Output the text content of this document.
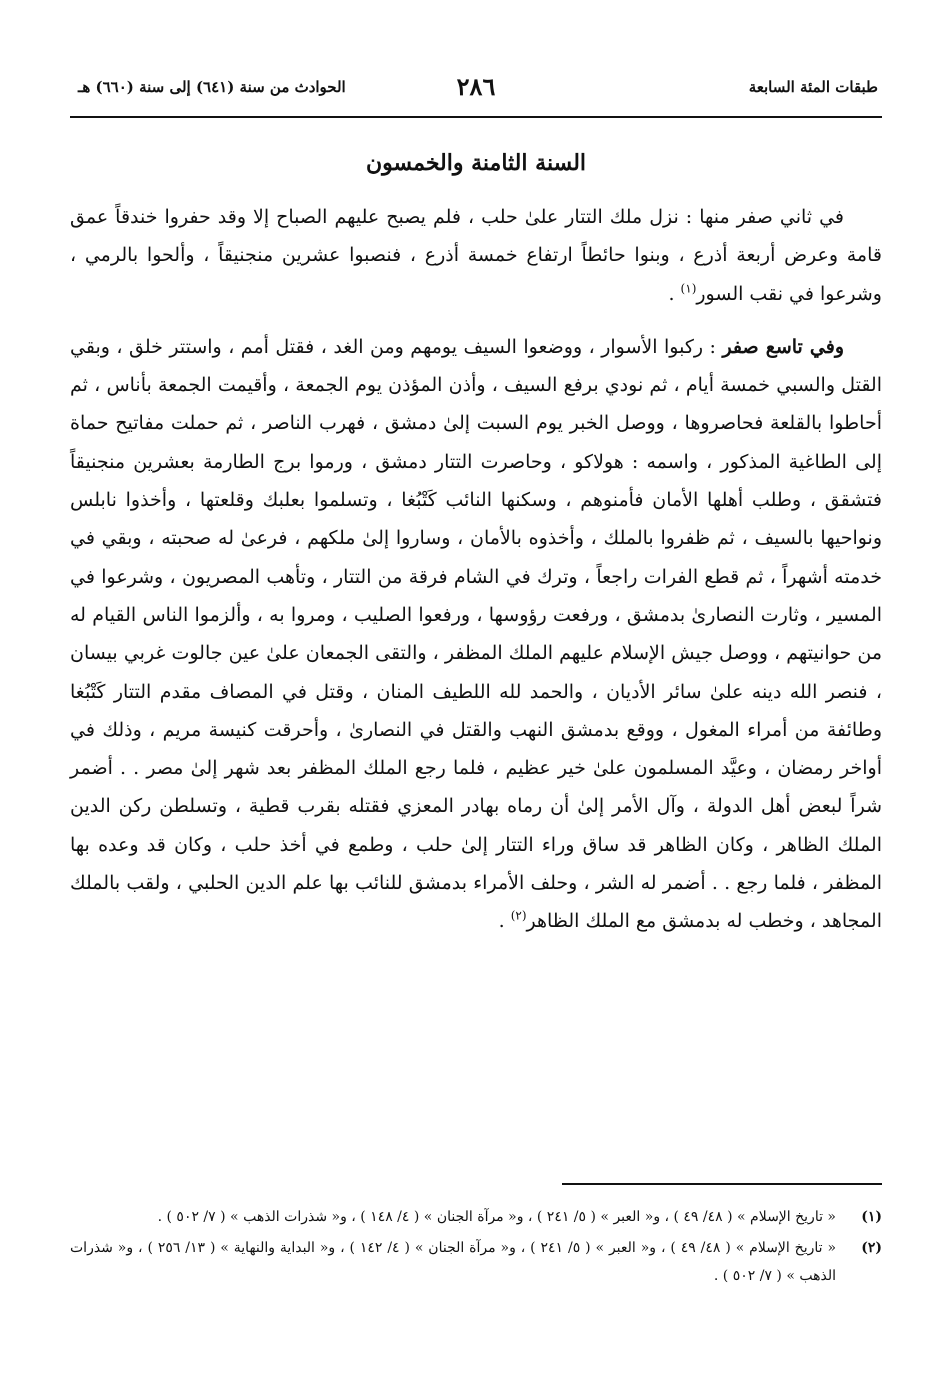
طبقات المئة السابعة
٢٨٦
الحوادث من سنة (٦٤١) إلى سنة (٦٦٠) هـ
السنة الثامنة والخمسون

في ثاني صفر منها : نزل ملك التتار علىٰ حلب ، فلم يصبح عليهم الصباح إلا وقد حفروا خندقاً عمق قامة وعرض أربعة أذرع ، وبنوا حائطاً ارتفاع خمسة أذرع ، فنصبوا عشرين منجنيقاً ، وألحوا بالرمي ، وشرعوا في نقب السور$^{(١)}$ .

وفي تاسع صفر : ركبوا الأسوار ، ووضعوا السيف يومهم ومن الغد ، فقتل أمم ، واستتر خلق ، وبقي القتل والسبي خمسة أيام ، ثم نودي برفع السيف ، وأذن المؤذن يوم الجمعة ، وأقيمت الجمعة بأناس ، ثم أحاطوا بالقلعة فحاصروها ، ووصل الخبر يوم السبت إلىٰ دمشق ، فهرب الناصر ، ثم حملت مفاتيح حماة إلى الطاغية المذكور ، واسمه : هولاكو ، وحاصرت التتار دمشق ، ورموا برج الطارمة بعشرين منجنيقاً فتشقق ، وطلب أهلها الأمان فأمنوهم ، وسكنها النائب كَتْبُغا ، وتسلموا بعلبك وقلعتها ، وأخذوا نابلس ونواحيها بالسيف ، ثم ظفروا بالملك ، وأخذوه بالأمان ، وساروا إلىٰ ملكهم ، فرعىٰ له صحبته ، وبقي في خدمته أشهراً ، ثم قطع الفرات راجعاً ، وترك في الشام فرقة من التتار ، وتأهب المصريون ، وشرعوا في المسير ، وثارت النصارىٰ بدمشق ، ورفعت رؤوسها ، ورفعوا الصليب ، ومروا به ، وألزموا الناس القيام له من حوانيتهم ، ووصل جيش الإسلام عليهم الملك المظفر ، والتقى الجمعان علىٰ عين جالوت غربي بيسان ، فنصر الله دينه علىٰ سائر الأديان ، والحمد لله اللطيف المنان ، وقتل في المصاف مقدم التتار كَتْبُغا وطائفة من أمراء المغول ، ووقع بدمشق النهب والقتل في النصارىٰ ، وأحرقت كنيسة مريم ، وذلك في أواخر رمضان ، وعيَّد المسلمون علىٰ خير عظيم ، فلما رجع الملك المظفر بعد شهر إلىٰ مصر . . أضمر شراً لبعض أهل الدولة ، وآل الأمر إلىٰ أن رماه بهادر المعزي فقتله بقرب قطية ، وتسلطن ركن الدين الملك الظاهر ، وكان الظاهر قد ساق وراء التتار إلىٰ حلب ، وطمع في أخذ حلب ، وكان قد وعده بها المظفر ، فلما رجع . . أضمر له الشر ، وحلف الأمراء بدمشق للنائب بها علم الدين الحلبي ، ولقب بالملك المجاهد ، وخطب له بدمشق مع الملك الظاهر$^{(٢)}$ .

(١)
« تاريخ الإسلام » ( ٤٨/ ٤٩ ) ، و« العبر » ( ٥/ ٢٤١ ) ، و« مرآة الجنان » ( ٤/ ١٤٨ ) ، و« شذرات الذهب » ( ٧/ ٥٠٢ ) .
(٢)
« تاريخ الإسلام » ( ٤٨/ ٤٩ ) ، و« العبر » ( ٥/ ٢٤١ ) ، و« مرآة الجنان » ( ٤/ ١٤٢ ) ، و« البداية والنهاية » ( ١٣/ ٢٥٦ ) ، و« شذرات الذهب » ( ٧/ ٥٠٢ ) .
